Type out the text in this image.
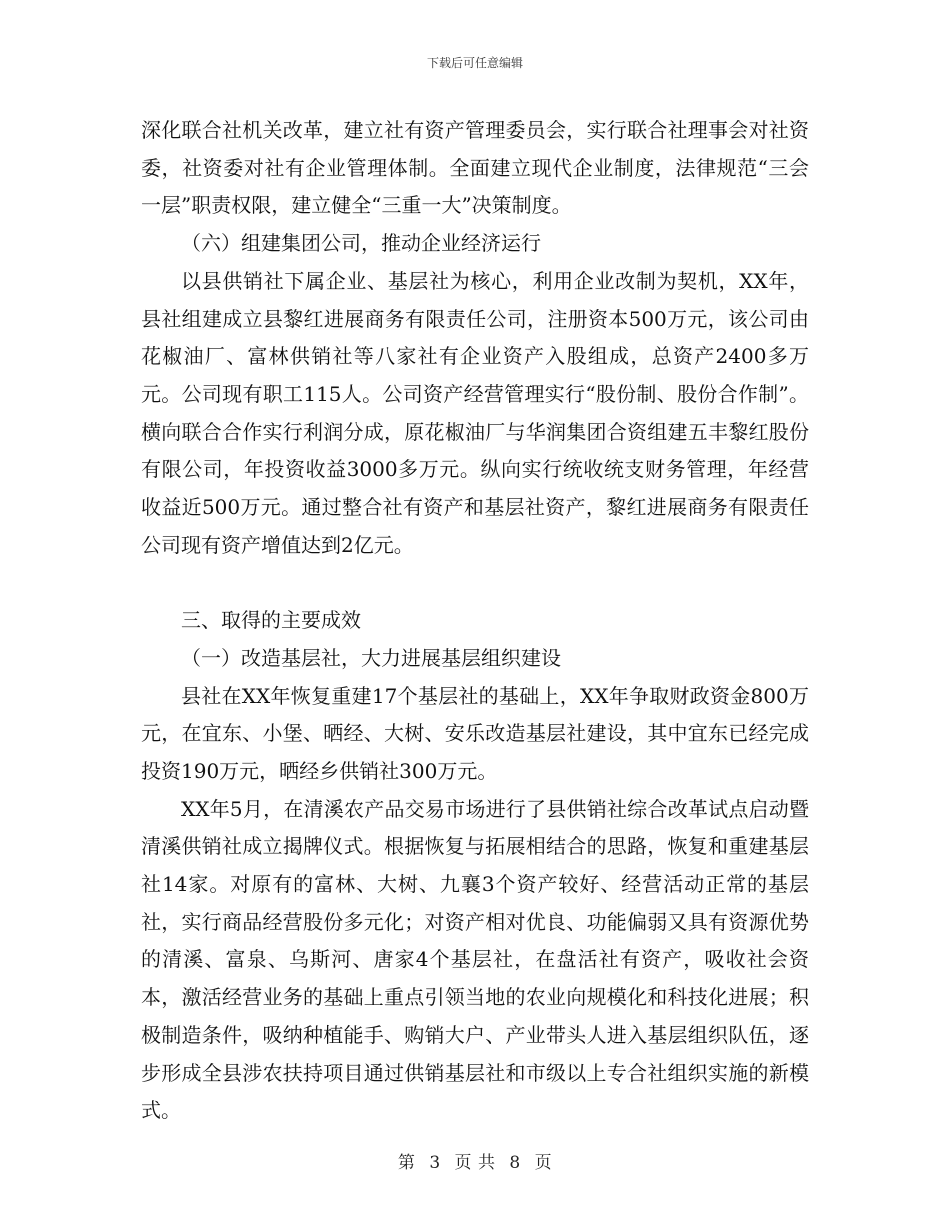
下载后可任意编辑

深化联合社机关改革，建立社有资产管理委员会，实行联合社理事会对社资委，社资委对社有企业管理体制。全面建立现代企业制度，法律规范“三会一层”职责权限，建立健全“三重一大”决策制度。

（六）组建集团公司，推动企业经济运行

以县供销社下属企业、基层社为核心，利用企业改制为契机，XX年，县社组建成立县黎红进展商务有限责任公司，注册资本500万元，该公司由花椒油厂、富林供销社等八家社有企业资产入股组成，总资产2400多万元。公司现有职工115人。公司资产经营管理实行“股份制、股份合作制”。横向联合合作实行利润分成，原花椒油厂与华润集团合资组建五丰黎红股份有限公司，年投资收益3000多万元。纵向实行统收统支财务管理，年经营收益近500万元。通过整合社有资产和基层社资产，黎红进展商务有限责任公司现有资产增值达到2亿元。

三、取得的主要成效

（一）改造基层社，大力进展基层组织建设

县社在XX年恢复重建17个基层社的基础上，XX年争取财政资金800万元，在宜东、小堡、晒经、大树、安乐改造基层社建设，其中宜东已经完成投资190万元，晒经乡供销社300万元。

XX年5月，在清溪农产品交易市场进行了县供销社综合改革试点启动暨清溪供销社成立揭牌仪式。根据恢复与拓展相结合的思路，恢复和重建基层社14家。对原有的富林、大树、九襄3个资产较好、经营活动正常的基层社，实行商品经营股份多元化；对资产相对优良、功能偏弱又具有资源优势的清溪、富泉、乌斯河、唐家4个基层社，在盘活社有资产，吸收社会资本，激活经营业务的基础上重点引领当地的农业向规模化和科技化进展；积极制造条件，吸纳种植能手、购销大户、产业带头人进入基层组织队伍，逐步形成全县涉农扶持项目通过供销基层社和市级以上专合社组织实施的新模式。

第 3 页 共 8 页
